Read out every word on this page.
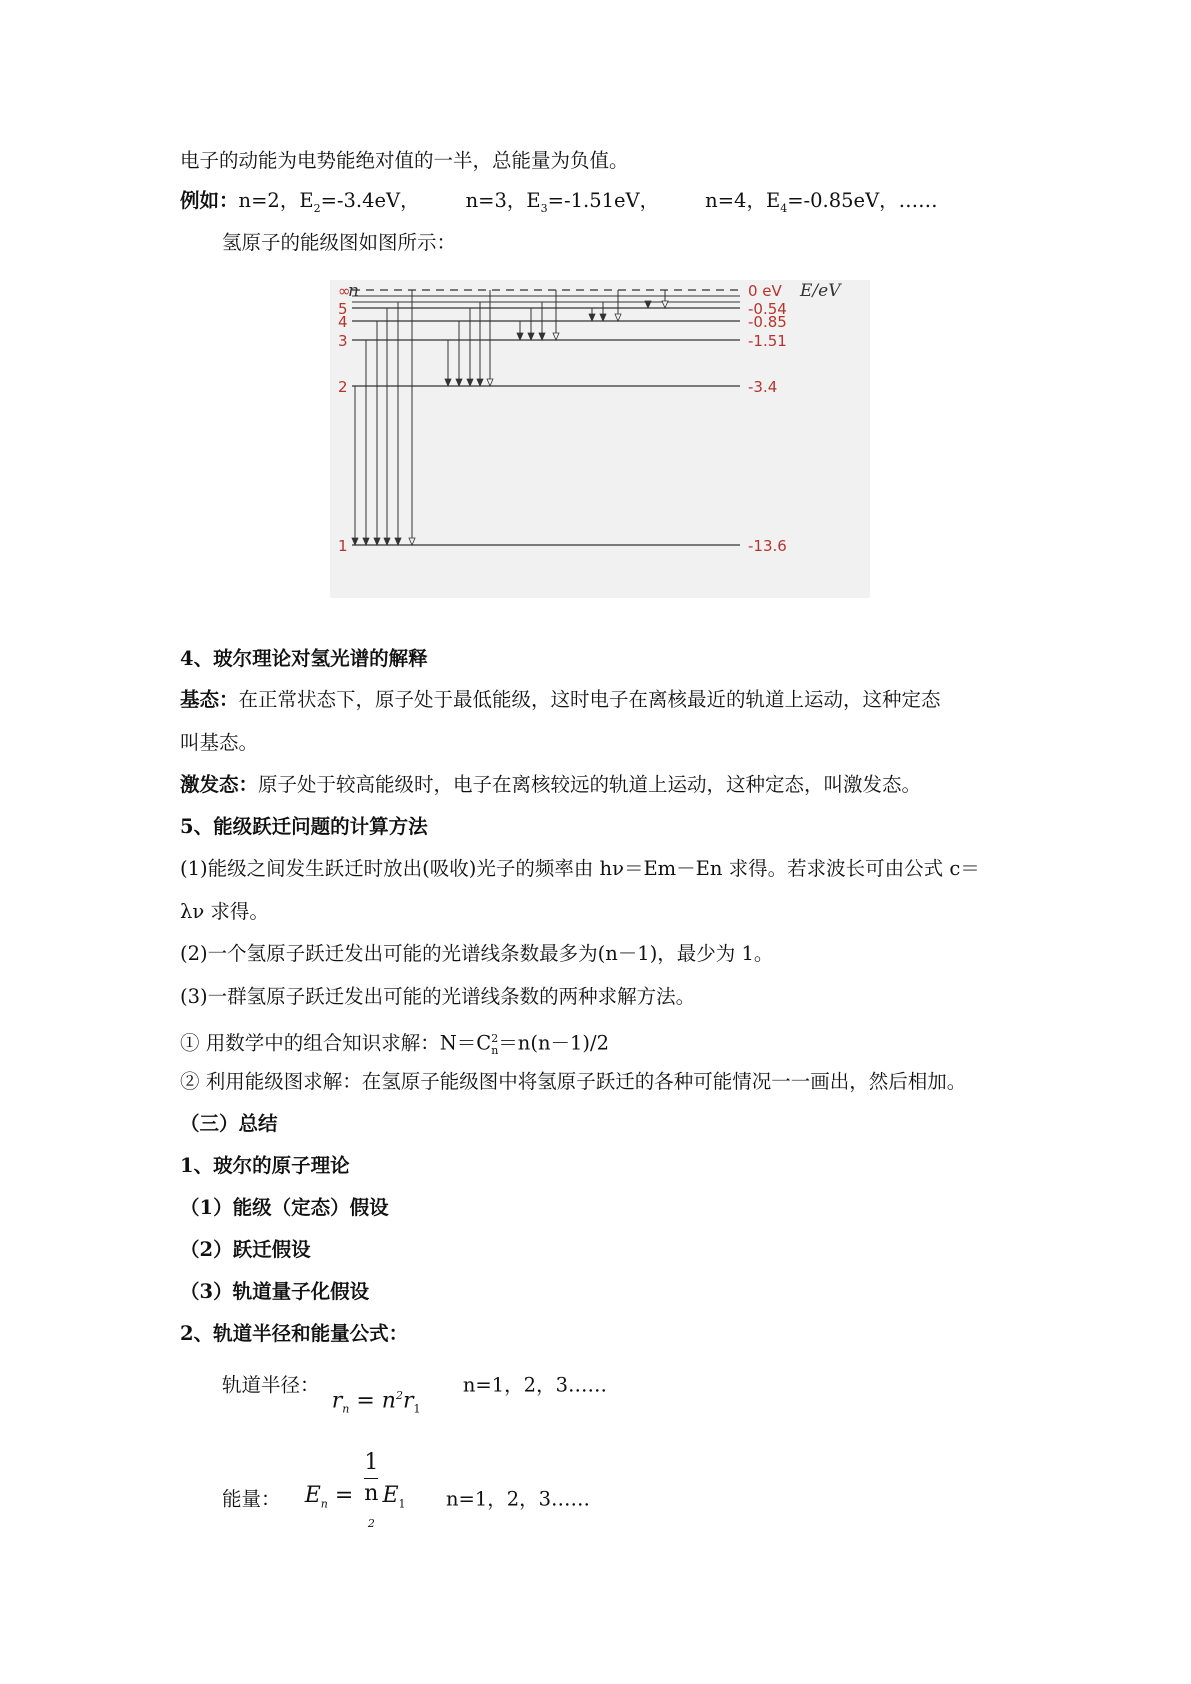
电子的动能为电势能绝对值的一半，总能量为负值。
例如：n=2，$E_2=-3.4eV$， n=3，$E_3=-1.51eV$， n=4，$E_4=-0.85eV$，……
氢原子的能级图如图所示：
n	E/eV
∞	0 eV
5	-0.54
4	-0.85
3	-1.51
2	-3.4
1	-13.6
4、玻尔理论对氢光谱的解释
基态：在正常状态下，原子处于最低能级，这时电子在离核最近的轨道上运动，这种定态
叫基态。
激发态：原子处于较高能级时，电子在离核较远的轨道上运动，这种定态，叫激发态。
5、能级跃迁问题的计算方法
(1)能级之间发生跃迁时放出(吸收)光子的频率由 hν＝Em－En 求得。若求波长可由公式 c＝
λν 求得。
(2)一个氢原子跃迁发出可能的光谱线条数最多为(n－1)，最少为 1。
(3)一群氢原子跃迁发出可能的光谱线条数的两种求解方法。
① 用数学中的组合知识求解：$N=C^2_n=n(n-1)/2$
② 利用能级图求解：在氢原子能级图中将氢原子跃迁的各种可能情况一一画出，然后相加。
（三）总结
1、玻尔的原子理论
（1）能级（定态）假设
（2）跃迁假设
（3）轨道量子化假设
2、轨道半径和能量公式：
轨道半径： $r_n = n^2r_1$  n=1，2，3……
能量： $E_n = 1$
n
$^2$ $E_1$ n=1，2，3……
